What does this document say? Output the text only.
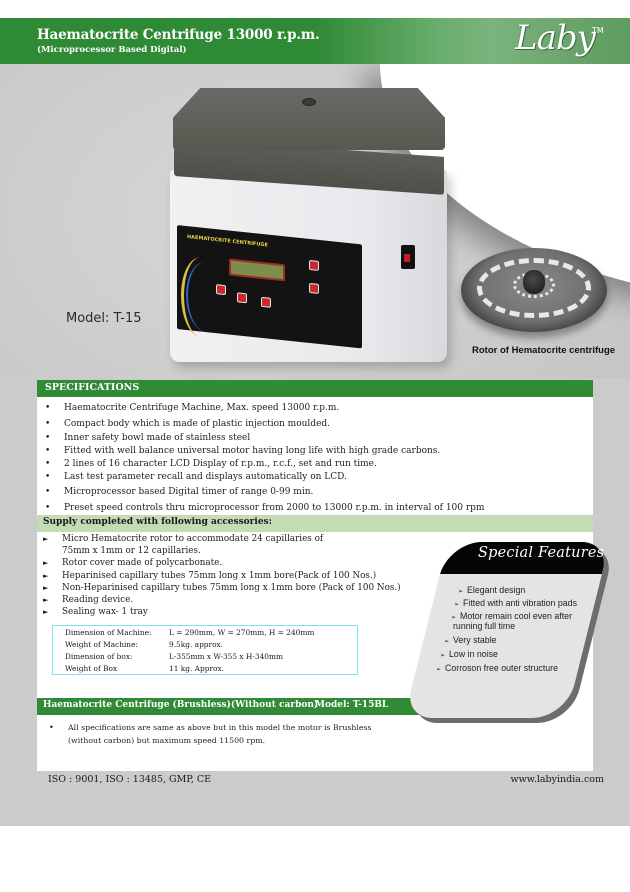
Haematocrite Centrifuge 13000 r.p.m.
(Microprocessor Based Digital)	Laby
TM
HAEMATOCRITE CENTRIFUGE
Model: T-15
Rotor of Hematocrite centrifuge
SPECIFICATIONS
• Haematocrite Centrifuge Machine, Max. speed 13000 r.p.m.
• Compact body which is made of plastic injection moulded.
• Inner safety bowl made of stainless steel
• Fitted with well balance universal motor having long life with high grade carbons.
• 2 lines of 16 character LCD Display of r.p.m., r.c.f., set and run time.
• Last test parameter recall and displays automatically on LCD.
• Microprocessor based Digital timer of range 0-99 min.
• Preset speed controls thru microprocessor from 2000 to 13000 r.p.m. in interval of 100 rpm
Supply completed with following accessories:
► Micro Hematocrite rotor to accommodate 24 capillaries of
75mm x 1mm or 12 capillaries.
► Rotor cover made of polycarbonate.
► Heparinised capillary tubes 75mm long x 1mm bore(Pack of 100 Nos.)
► Non-Heparinised capillary tubes 75mm long x 1mm bore (Pack of 100 Nos.)
► Reading device.
► Sealing wax- 1 tray
Dimension of Machine: L = 290mm, W = 270mm, H = 240mm
Weight of Machine:	9.5kg. approx.
Dimension of box:	L-355mm x W-355 x H-340mm
Weight of Box	11 kg. Approx.
Haematocrite Centrifuge (Brushless)(Without carbon)
Model: T-15BL
• All specifications are same as above but in this model the motor is Brushless
(without carbon) but maximum speed 11500 rpm.
Special Features
➢ Elegant design
➢ Fitted with anti vibration pads
➢ Motor remain cool even after
running full time
➢ Very stable
➢ Low in noise
➢ Corroson free outer structure
ISO : 9001, ISO : 13485, GMP, CE	www.labyindia.com
